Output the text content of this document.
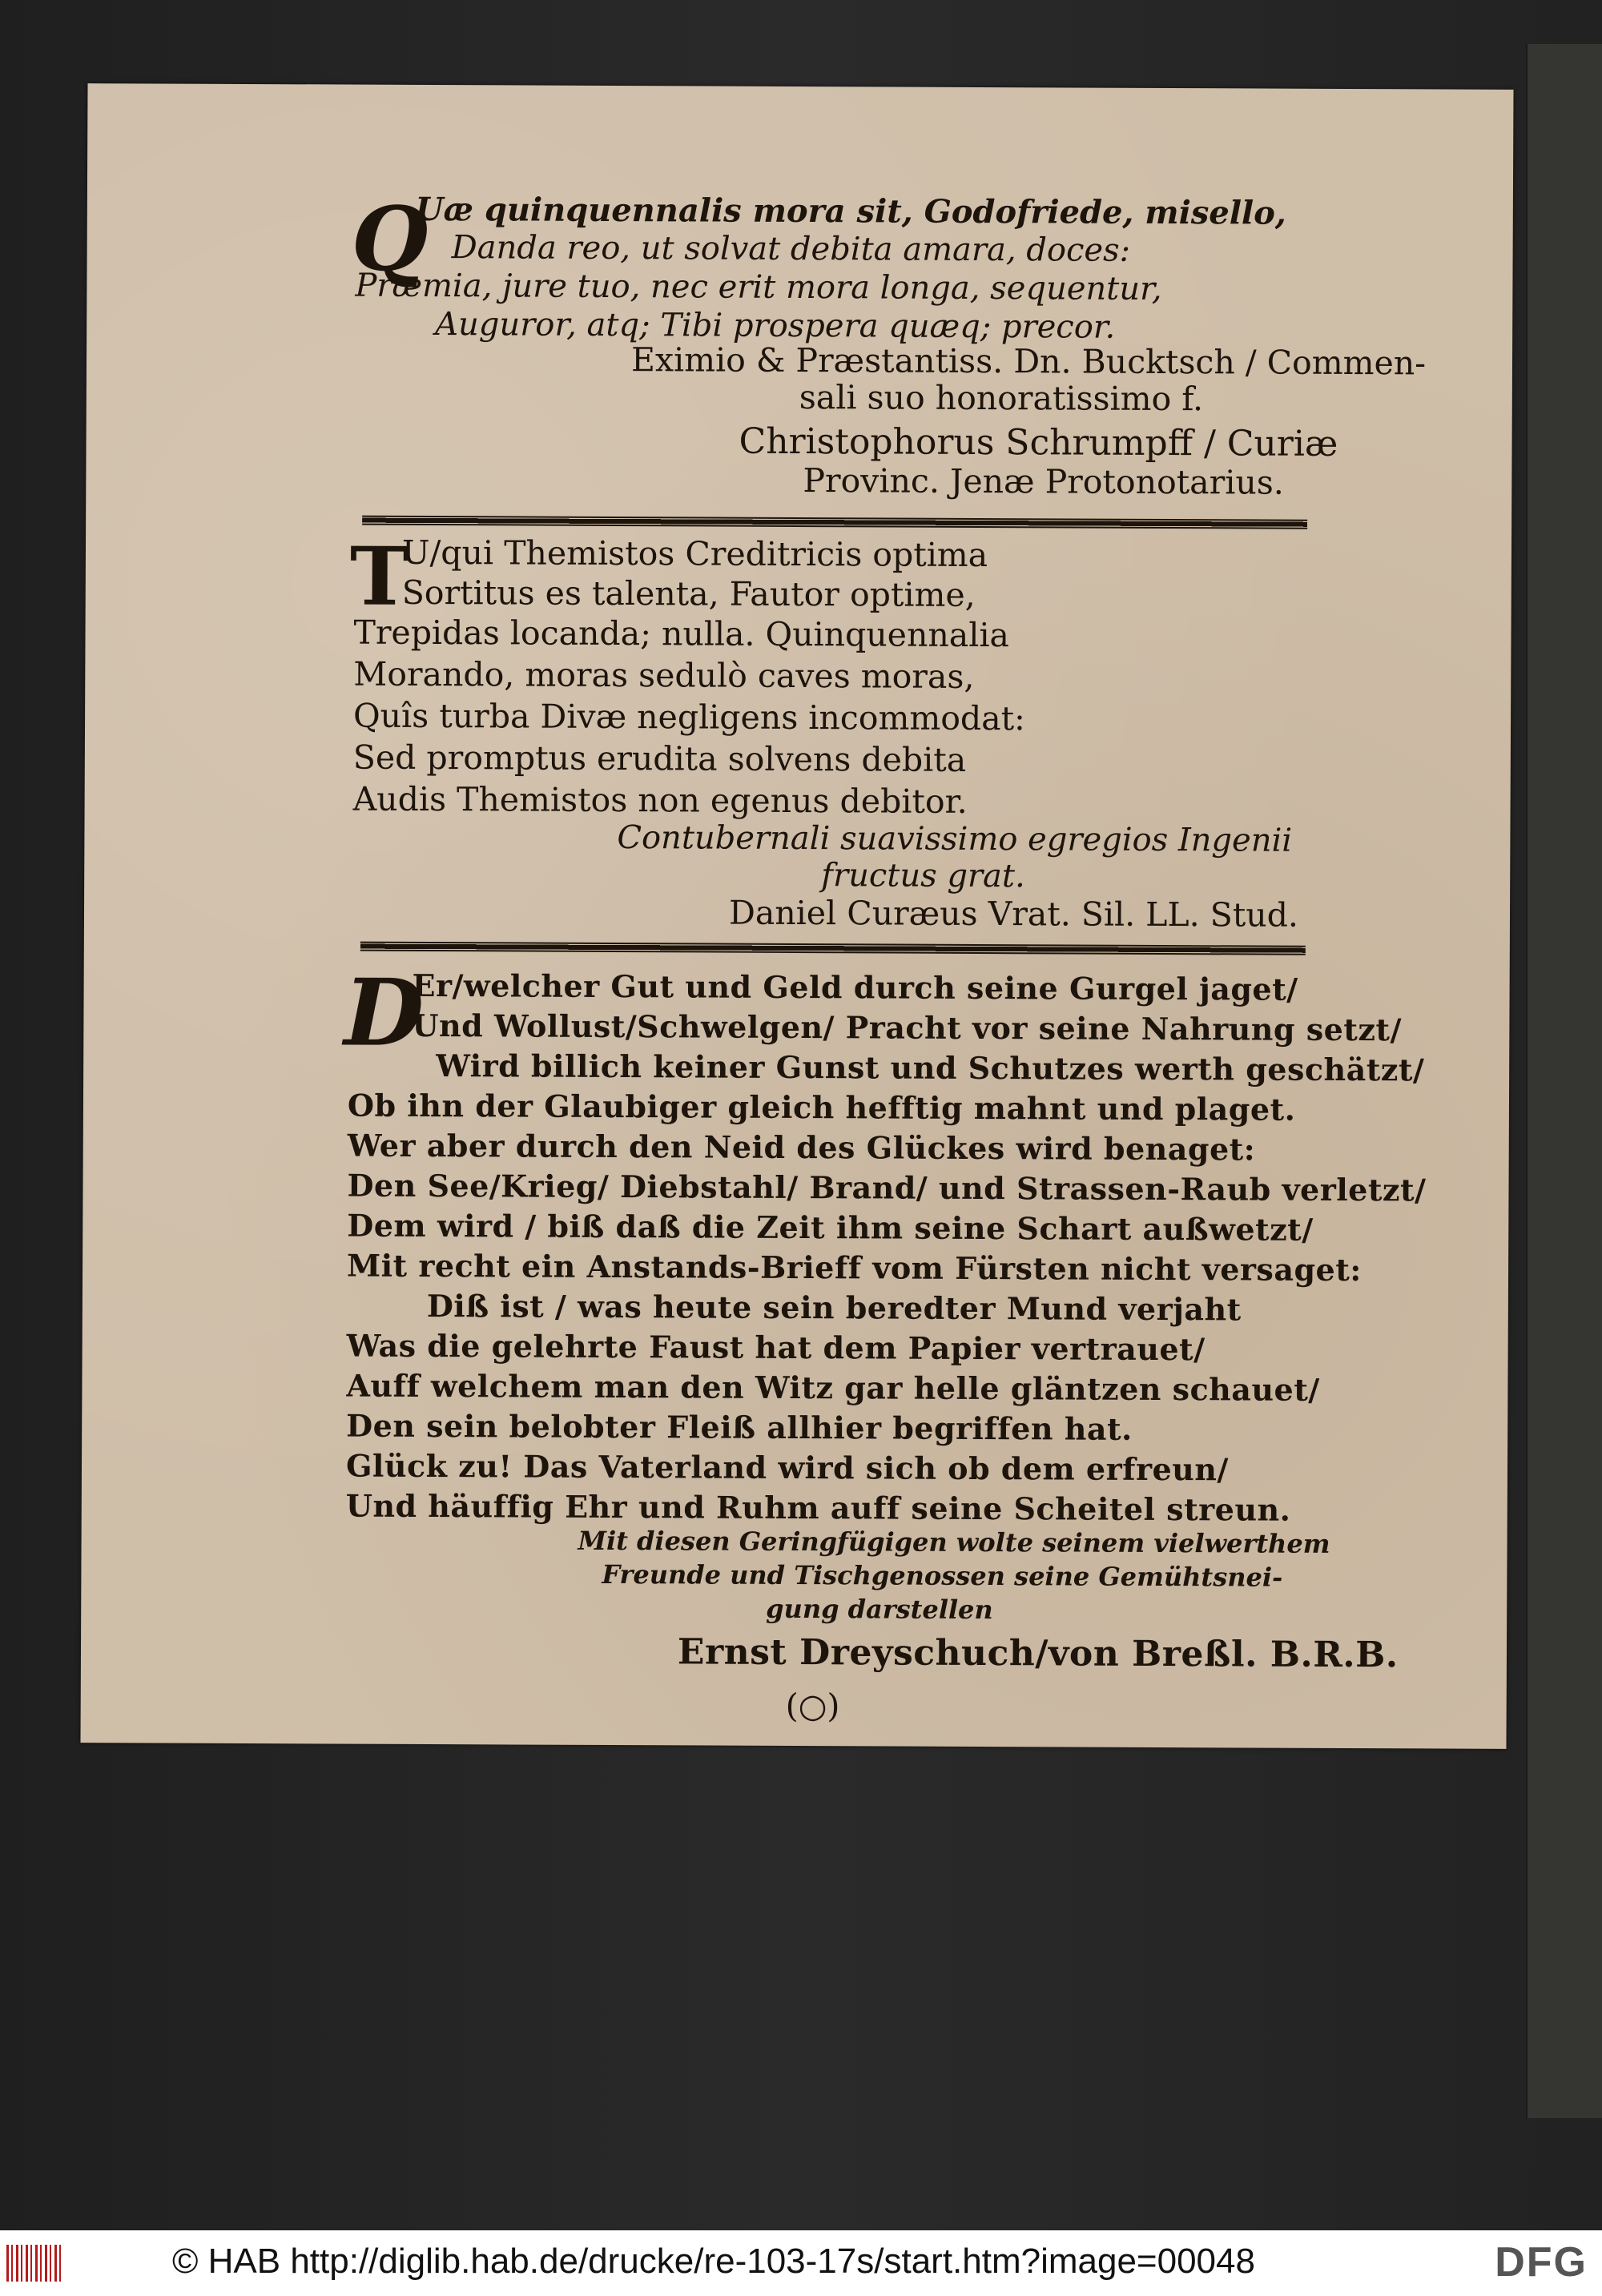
Q
Uæ quinquennalis mora sit, Godofriede, misello,
Danda reo, ut solvat debita amara, doces:
Præmia, jure tuo, nec erit mora longa, sequentur,
Auguror, atq; Tibi prospera quæq; precor.
Eximio & Præstantiss. Dn. Bucktsch / Commen-
sali suo honoratissimo f.
Christophorus Schrumpff / Curiæ
Provinc. Jenæ Protonotarius.
T
U/qui Themistos Creditricis optima
Sortitus es talenta, Fautor optime,
Trepidas locanda; nulla. Quinquennalia
Morando, moras sedulò caves moras,
Quîs turba Divæ negligens incommodat:
Sed promptus erudita solvens debita
Audis Themistos non egenus debitor.
Contubernali suavissimo egregios Ingenii
fructus grat.
Daniel Curæus Vrat. Sil. LL. Stud.
D
Er/welcher Gut und Geld durch seine Gurgel jaget/
Und Wollust/Schwelgen/ Pracht vor seine Nahrung setzt/
Wird billich keiner Gunst und Schutzes werth geschätzt/
Ob ihn der Glaubiger gleich hefftig mahnt und plaget.
Wer aber durch den Neid des Glückes wird benaget:
Den See/Krieg/ Diebstahl/ Brand/ und Strassen-Raub verletzt/
Dem wird / biß daß die Zeit ihm seine Schart außwetzt/
Mit recht ein Anstands-Brieff vom Fürsten nicht versaget:
Diß ist / was heute sein beredter Mund verjaht
Was die gelehrte Faust hat dem Papier vertrauet/
Auff welchem man den Witz gar helle gläntzen schauet/
Den sein belobter Fleiß allhier begriffen hat.
Glück zu! Das Vaterland wird sich ob dem erfreun/
Und häuffig Ehr und Ruhm auff seine Scheitel streun.
Mit diesen Geringfügigen wolte seinem vielwerthem
Freunde und Tischgenossen seine Gemühtsnei-
gung darstellen
Ernst Dreyschuch/von Breßl. B.R.B.
(○)
© HAB http://diglib.hab.de/drucke/re-103-17s/start.htm?image=00048	DFG
